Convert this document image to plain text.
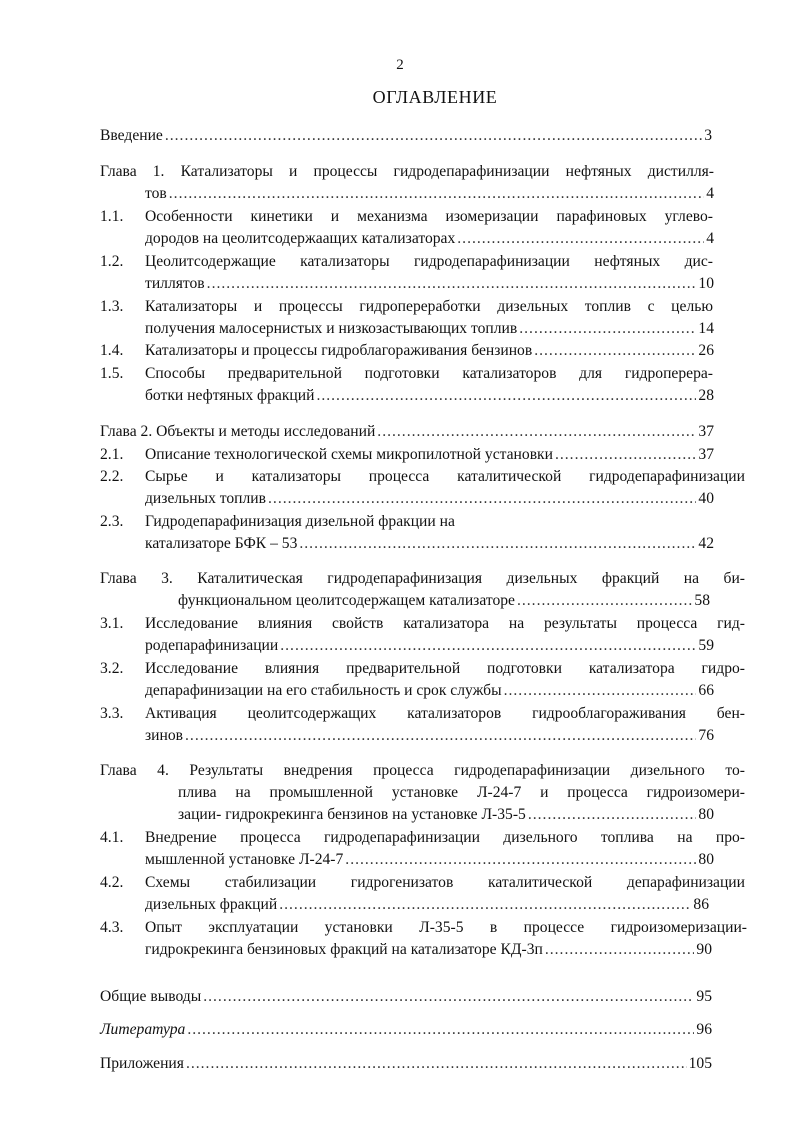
2
ОГЛАВЛЕНИЕ
Введение .....	3
Глава 1. Катализаторы и процессы гидродепарафинизации нефтяных дистилля-
тов .....	4
1.1. Особенности кинетики и механизма изомеризации парафиновых углево-
дородов на цеолитсодержаащих катализаторах .....	4
1.2. Цеолитсодержащие катализаторы гидродепарафинизации нефтяных дис-
тиллятов .....	10
1.3. Катализаторы и процессы гидропереработки дизельных топлив с целью
получения малосернистых и низкозастывающих топлив .....	14
1.4. Катализаторы и процессы гидроблагораживания бензинов .....	26
1.5. Способы предварительной подготовки катализаторов для гидроперера-
ботки нефтяных фракций .....	28
Глава 2. Объекты и методы исследований .....	37
2.1. Описание технологической схемы микропилотной установки .....	37
2.2. Сырье и катализаторы процесса каталитической гидродепарафинизации
дизельных топлив .....	40
2.3. Гидродепарафинизация дизельной фракции на
катализаторе БФК – 53 .....	42
Глава 3. Каталитическая гидродепарафинизация дизельных фракций на би-
функциональном цеолитсодержащем катализаторе .....	58
3.1. Исследование влияния свойств катализатора на результаты процесса гид-
родепарафинизации .....	59
3.2. Исследование влияния предварительной подготовки катализатора гидро-
депарафинизации на его стабильность и срок службы .....	66
3.3. Активация цеолитсодержащих катализаторов гидрооблагораживания бен-
зинов .....	76
Глава 4. Результаты внедрения процесса гидродепарафинизации дизельного то-
плива на промышленной установке Л-24-7 и процесса гидроизомери-
зации- гидрокрекинга бензинов на установке Л-35-5 .....	80
4.1. Внедрение процесса гидродепарафинизации дизельного топлива на про-
мышленной установке Л-24-7 .....	80
4.2. Схемы стабилизации гидрогенизатов каталитической депарафинизации
дизельных фракций .....	86
4.3. Опыт эксплуатации установки Л-35-5 в процессе гидроизомеризации-
гидрокрекинга бензиновых фракций на катализаторе КД-3п .....	90
Общие выводы .....	95
Литература .....	96
Приложения .....	105
